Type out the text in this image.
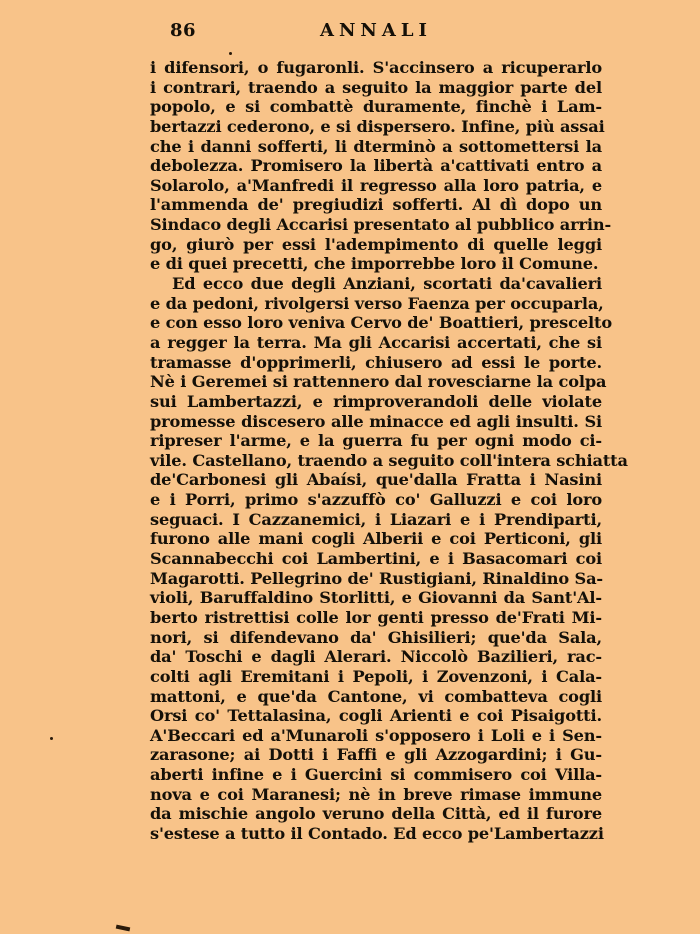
86	ANNALI
i difensori, o fugaronli. S'accinsero a ricuperarlo
i contrari, traendo a seguito la maggior parte del
popolo, e si combattè duramente, finchè i Lam-
bertazzi cederono, e si dispersero. Infine, più assai
che i danni sofferti, li dterminò a sottomettersi la
debolezza. Promisero la libertà a'cattivati entro a
Solarolo, a'Manfredi il regresso alla loro patria, e
l'ammenda de' pregiudizi sofferti. Al dì dopo un
Sindaco degli Accarisi presentato al pubblico arrin-
go, giurò per essi l'adempimento di quelle leggi
e di quei precetti, che imporrebbe loro il Comune.
Ed ecco due degli Anziani, scortati da'cavalieri
e da pedoni, rivolgersi verso Faenza per occuparla,
e con esso loro veniva Cervo de' Boattieri, prescelto
a regger la terra. Ma gli Accarisi accertati, che si
tramasse d'opprimerli, chiusero ad essi le porte.
Nè i Geremei si rattennero dal rovesciarne la colpa
sui Lambertazzi, e rimproverandoli delle violate
promesse discesero alle minacce ed agli insulti. Si
ripreser l'arme, e la guerra fu per ogni modo ci-
vile. Castellano, traendo a seguito coll'intera schiatta
de'Carbonesi gli Abaísi, que'dalla Fratta i Nasini
e i Porri, primo s'azzuffò co' Galluzzi e coi loro
seguaci. I Cazzanemici, i Liazari e i Prendiparti,
furono alle mani cogli Alberii e coi Perticoni, gli
Scannabecchi coi Lambertini, e i Basacomari coi
Magarotti. Pellegrino de' Rustigiani, Rinaldino Sa-
violi, Baruffaldino Storlitti, e Giovanni da Sant'Al-
berto ristrettisi colle lor genti presso de'Frati Mi-
nori, si difendevano da' Ghisilieri; que'da Sala,
da' Toschi e dagli Alerari. Niccolò Bazilieri, rac-
colti agli Eremitani i Pepoli, i Zovenzoni, i Cala-
mattoni, e que'da Cantone, vi combatteva cogli
Orsi co' Tettalasina, cogli Arienti e coi Pisaigotti.
A'Beccari ed a'Munaroli s'opposero i Loli e i Sen-
zarasone; ai Dotti i Faffi e gli Azzogardini; i Gu-
aberti infine e i Guercini si commisero coi Villa-
nova e coi Maranesi; nè in breve rimase immune
da mischie angolo veruno della Città, ed il furore
s'estese a tutto il Contado. Ed ecco pe'Lambertazzi
